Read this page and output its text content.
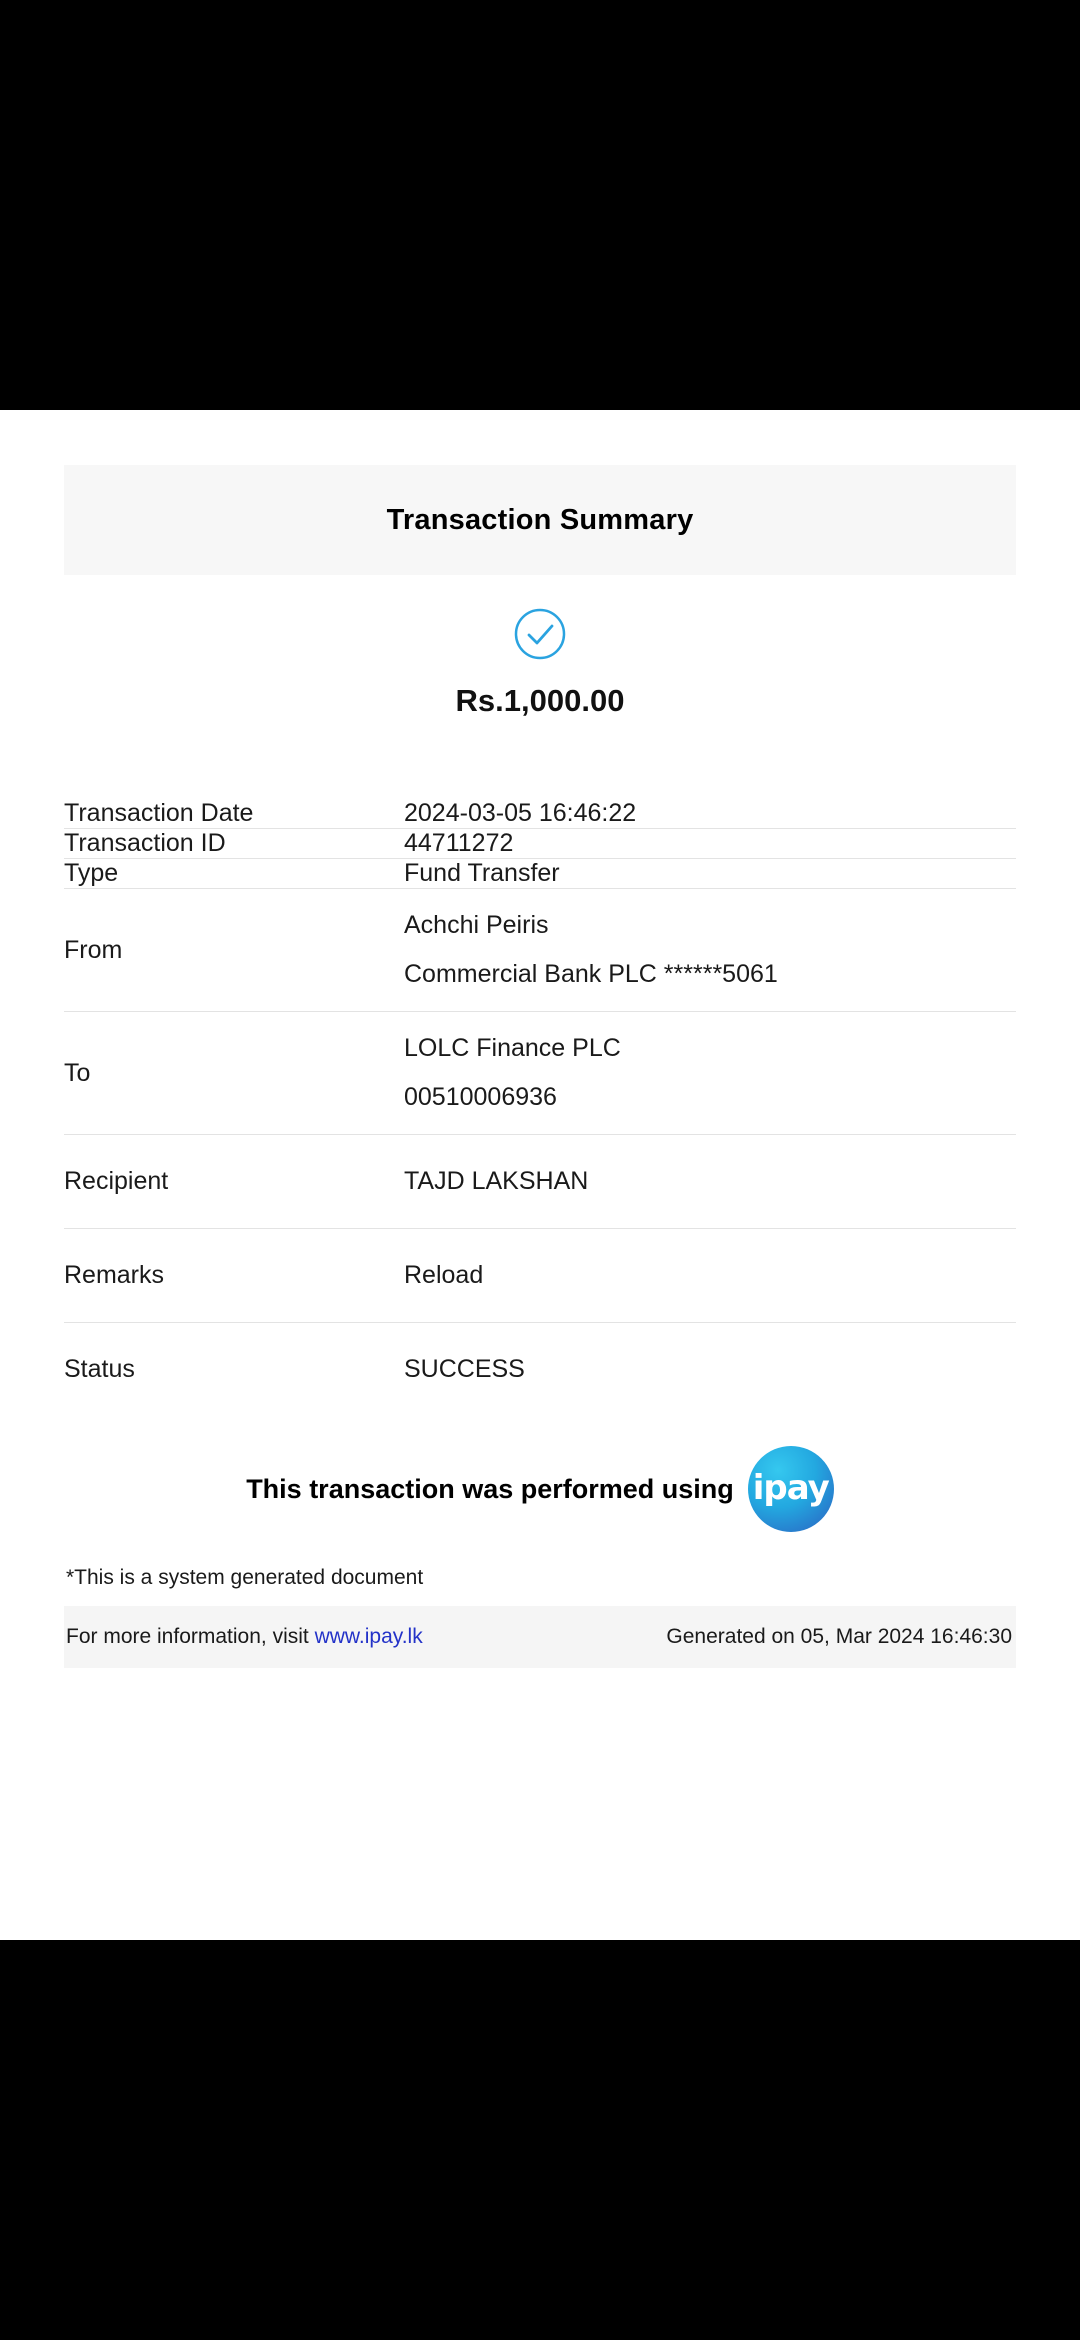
Transaction Summary
Rs.1,000.00
Transaction Date	2024-03-05 16:46:22

Transaction ID	44711272

Type	Fund Transfer

From	Achchi Peiris
Commercial Bank PLC ******5061

To	LOLC Finance PLC
00510006936

Recipient	TAJD LAKSHAN

Remarks	Reload

Status	SUCCESS
This transaction was performed using ipay
*This is a system generated document
For more information, visit www.ipay.lk	Generated on 05, Mar 2024 16:46:30
